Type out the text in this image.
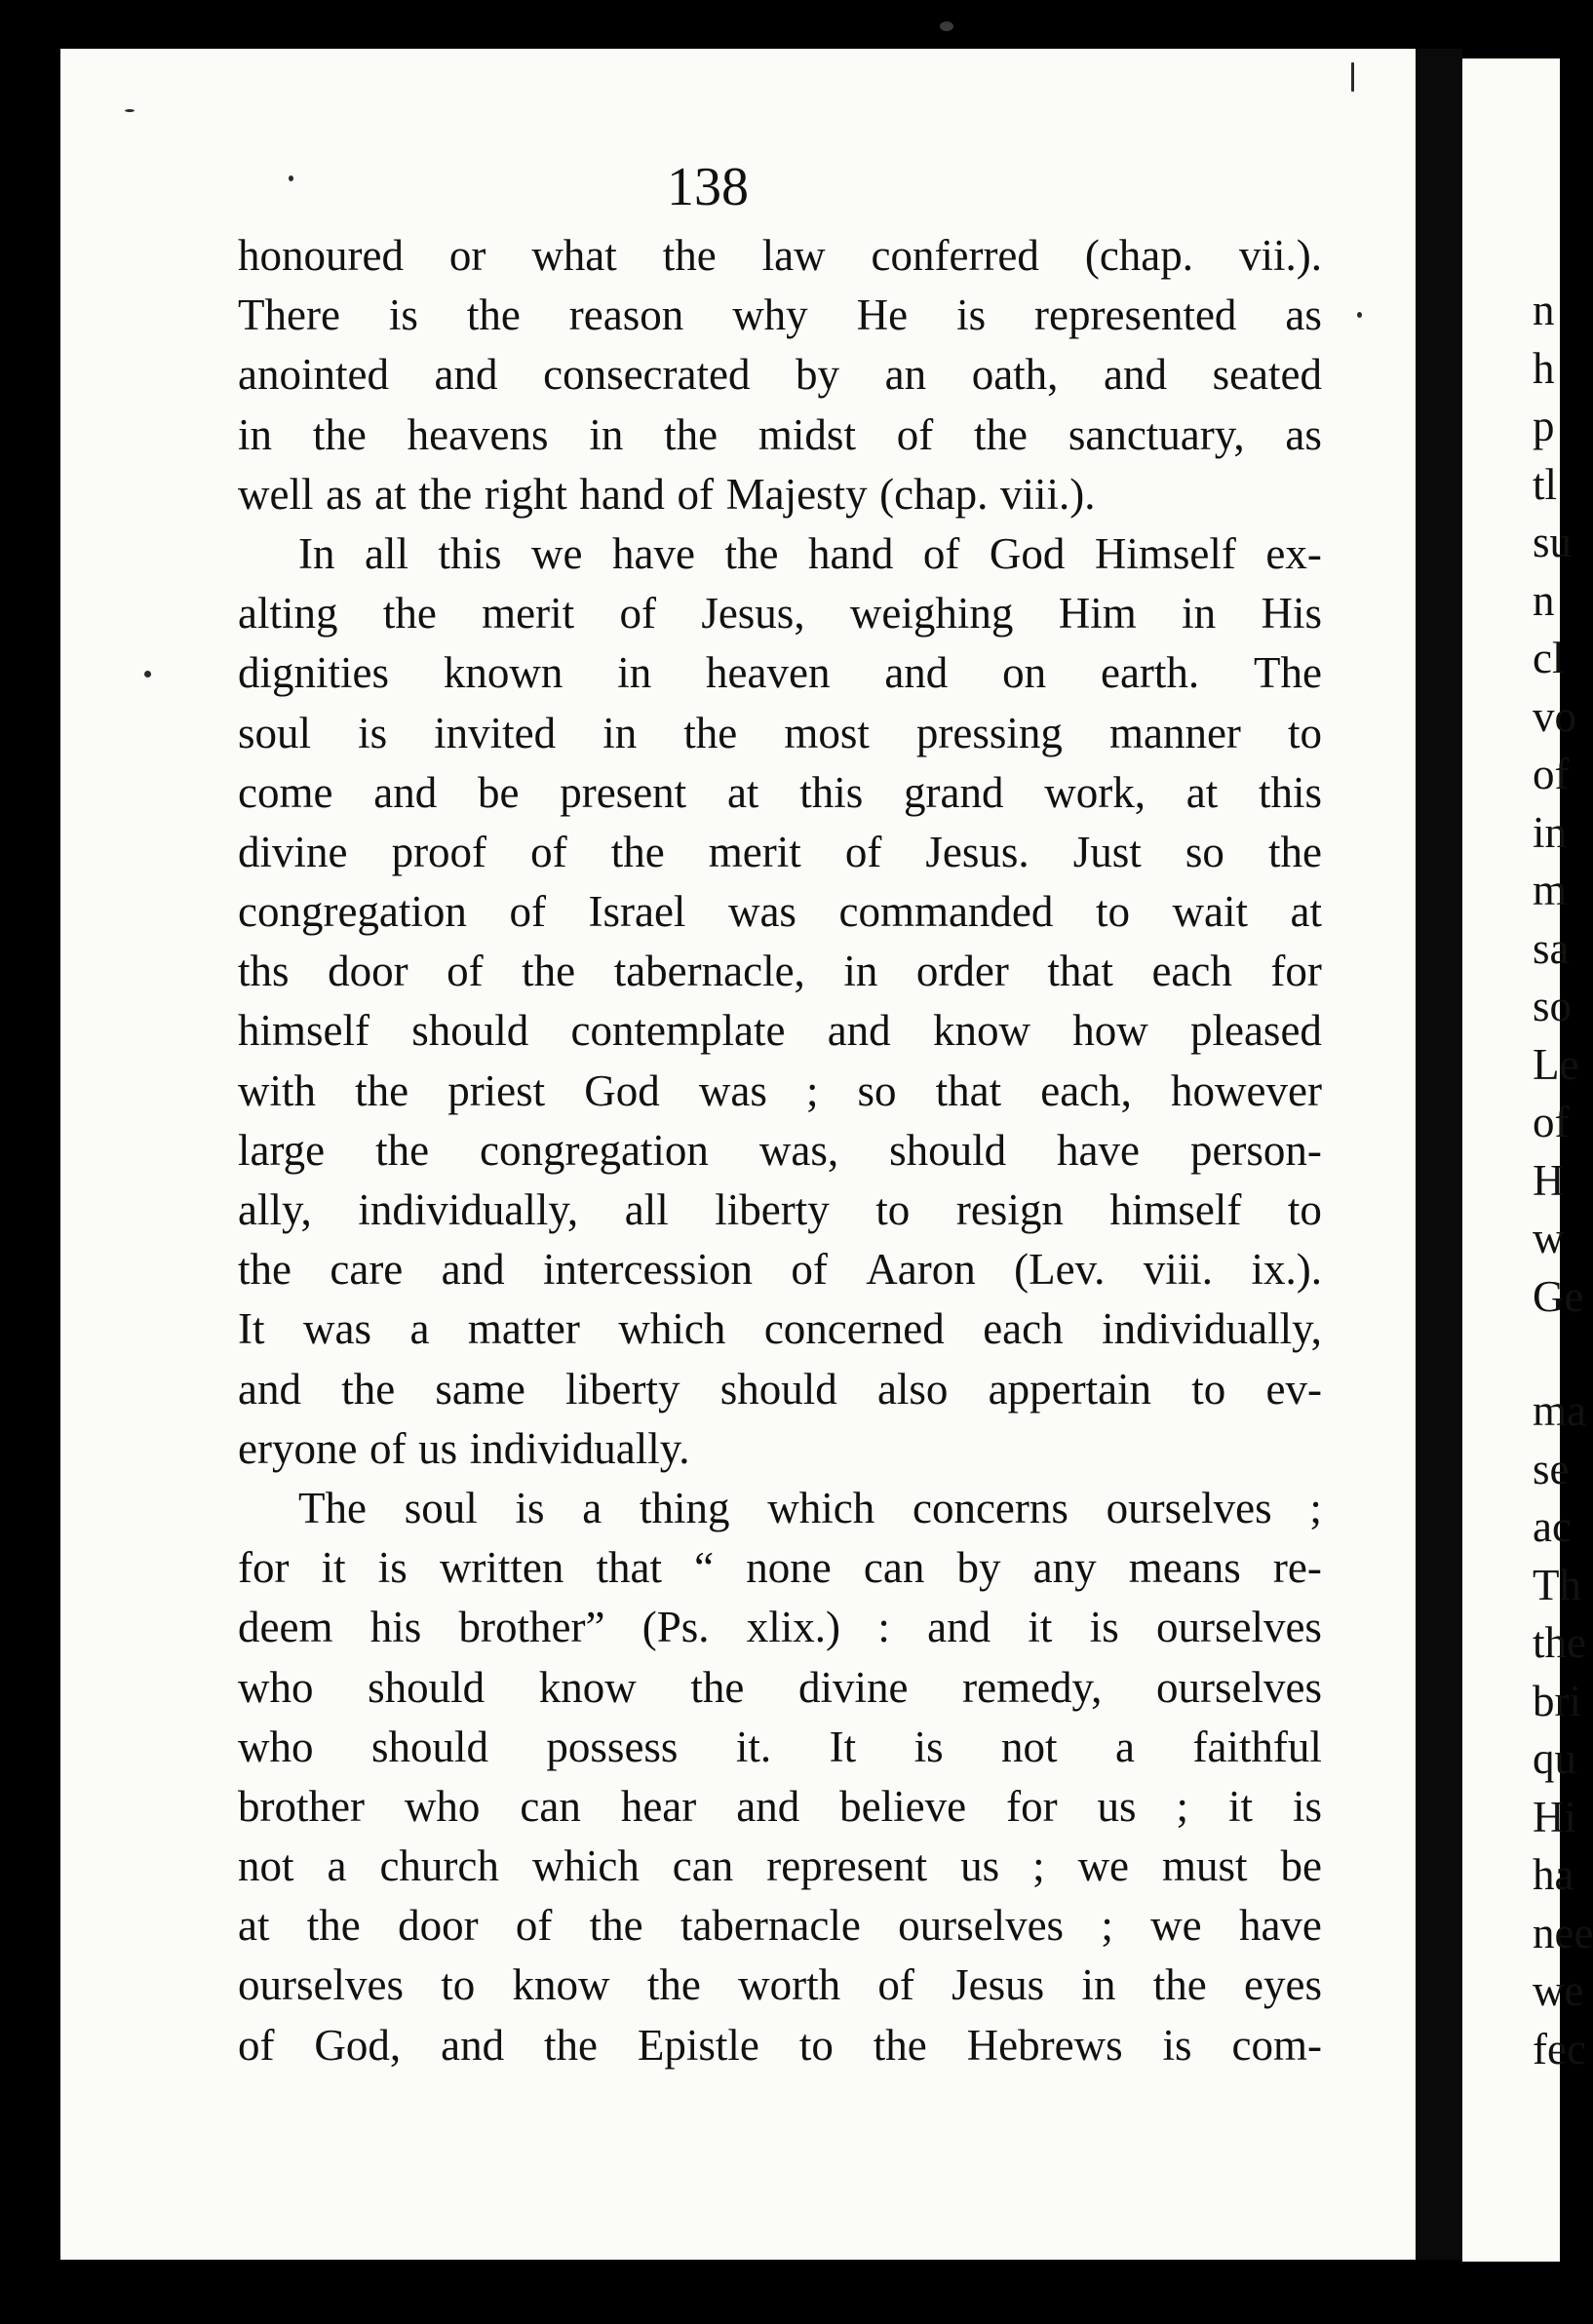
138

honoured or what the law conferred (chap. vii.).
There is the reason why He is represented as
anointed and consecrated by an oath, and seated
in the heavens in the midst of the sanctuary, as
well as at the right hand of Majesty (chap. viii.).
In all this we have the hand of God Himself ex-
alting the merit of Jesus, weighing Him in His
dignities known in heaven and on earth. The
soul is invited in the most pressing manner to
come and be present at this grand work, at this
divine proof of the merit of Jesus. Just so the
congregation of Israel was commanded to wait at
ths door of the tabernacle, in order that each for
himself should contemplate and know how pleased
with the priest God was ; so that each, however
large the congregation was, should have person-
ally, individually, all liberty to resign himself to
the care and intercession of Aaron (Lev. viii. ix.).
It was a matter which concerned each individually,
and the same liberty should also appertain to ev-
eryone of us individually.
The soul is a thing which concerns ourselves ;
for it is written that “ none can by any means re-
deem his brother” (Ps. xlix.) : and it is ourselves
who should know the divine remedy, ourselves
who should possess it. It is not a faithful
brother who can hear and believe for us ; it is
not a church which can represent us ; we must be
at the door of the tabernacle ourselves ; we have
ourselves to know the worth of Jesus in the eyes
of God, and the Epistle to the Hebrews is com-
n
h
p
tl
su
n
cl
vo
of
in
m
sa
so
Le
of
H
w
Ge
ma
se
ac
Th
the
bri
qu
Hi
ha
nee
we
fec
